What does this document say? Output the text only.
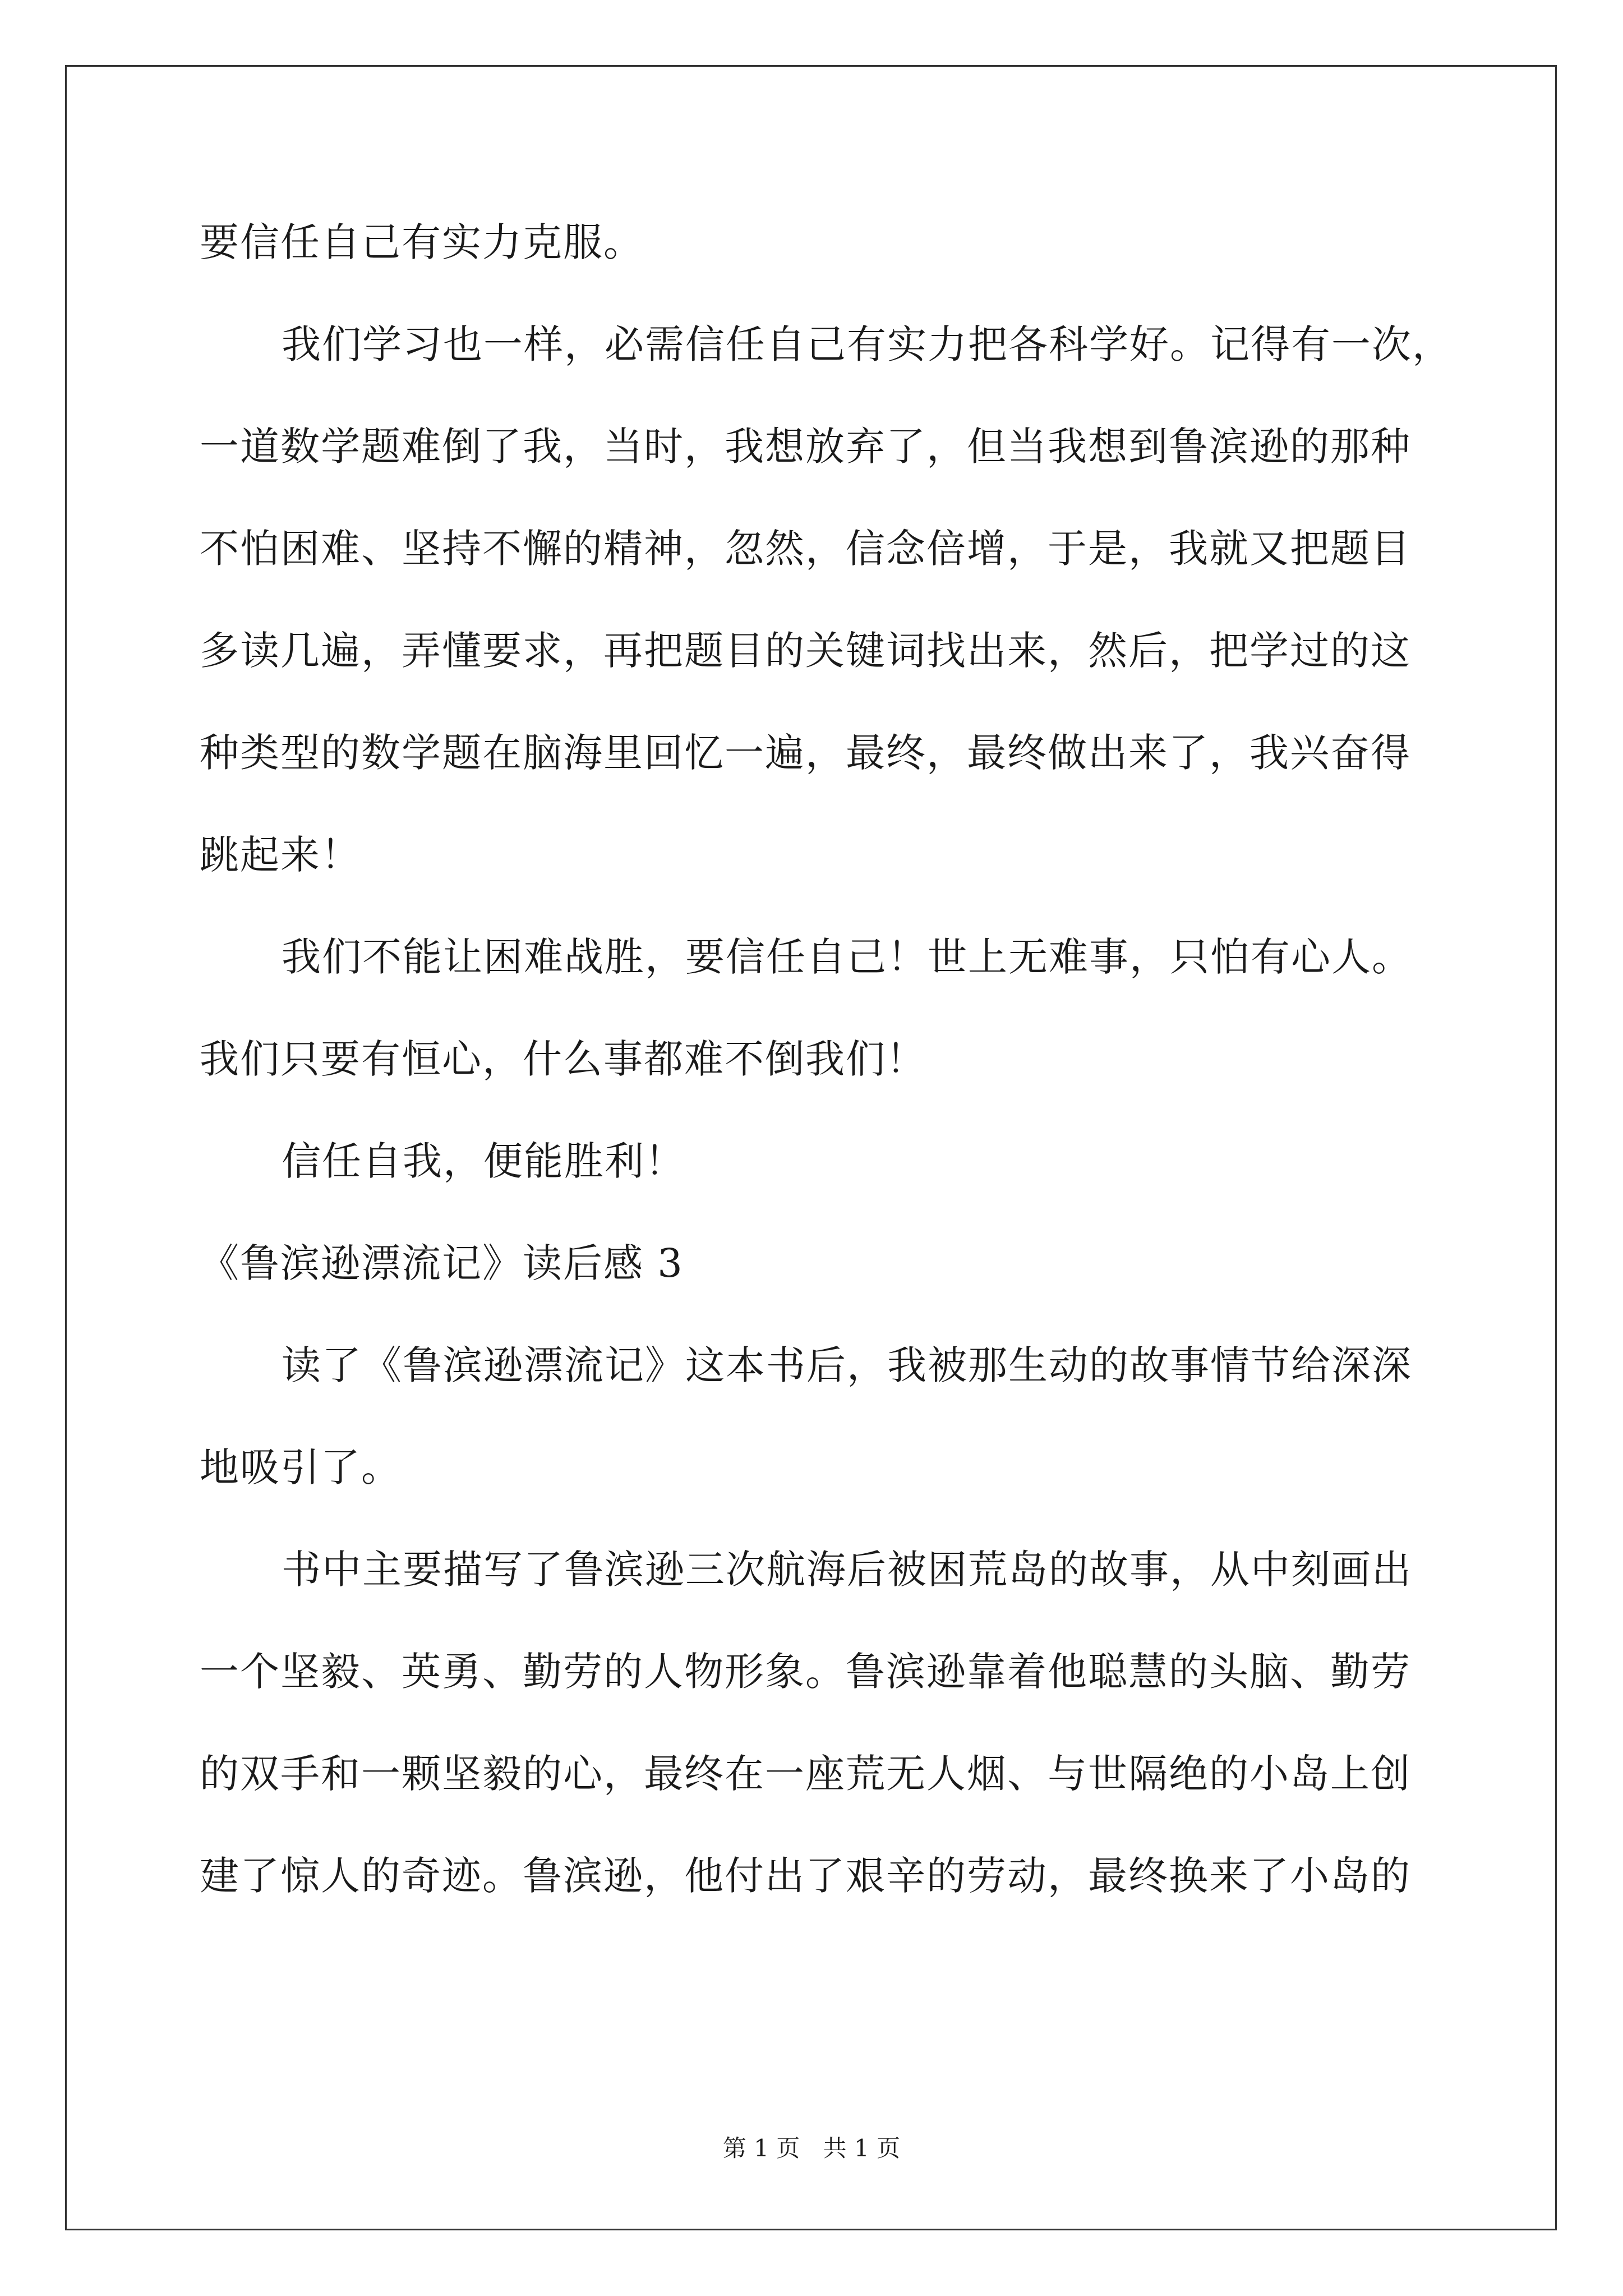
要信任自己有实力克服。
我们学习也一样，必需信任自己有实力把各科学好。记得有一次，
一道数学题难倒了我，当时，我想放弃了，但当我想到鲁滨逊的那种
不怕困难、坚持不懈的精神，忽然，信念倍增，于是，我就又把题目
多读几遍，弄懂要求，再把题目的关键词找出来，然后，把学过的这
种类型的数学题在脑海里回忆一遍，最终，最终做出来了，我兴奋得
跳起来！
我们不能让困难战胜，要信任自己！世上无难事，只怕有心人。
我们只要有恒心，什么事都难不倒我们！
信任自我，便能胜利！
《鲁滨逊漂流记》读后感 3
读了《鲁滨逊漂流记》这本书后，我被那生动的故事情节给深深
地吸引了。
书中主要描写了鲁滨逊三次航海后被困荒岛的故事，从中刻画出
一个坚毅、英勇、勤劳的人物形象。鲁滨逊靠着他聪慧的头脑、勤劳
的双手和一颗坚毅的心，最终在一座荒无人烟、与世隔绝的小岛上创
建了惊人的奇迹。鲁滨逊，他付出了艰辛的劳动，最终换来了小岛的
第 1 页 共 1 页
